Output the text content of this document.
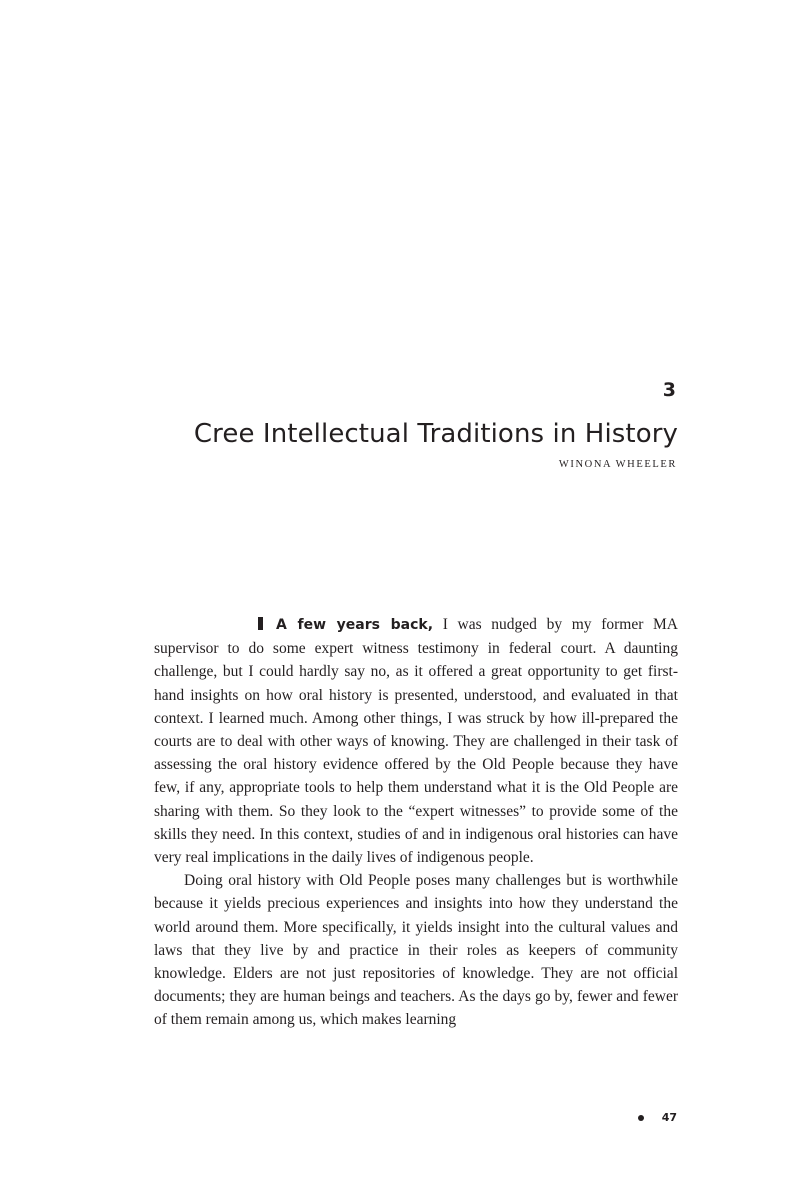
3
Cree Intellectual Traditions in History
WINONA WHEELER

A few years back, I was nudged by my former MA supervisor to do some expert witness testimony in federal court. A daunting challenge, but I could hardly say no, as it offered a great opportunity to get first-hand insights on how oral history is presented, understood, and evaluated in that context. I learned much. Among other things, I was struck by how ill-prepared the courts are to deal with other ways of knowing. They are challenged in their task of assessing the oral history evidence offered by the Old People because they have few, if any, appropriate tools to help them understand what it is the Old People are sharing with them. So they look to the “expert witnesses” to provide some of the skills they need. In this context, studies of and in indigenous oral histories can have very real implications in the daily lives of indigenous people.

Doing oral history with Old People poses many challenges but is worthwhile because it yields precious experiences and insights into how they understand the world around them. More specifically, it yields insight into the cultural values and laws that they live by and practice in their roles as keepers of community knowledge. Elders are not just repositories of knowledge. They are not official documents; they are human beings and teachers. As the days go by, fewer and fewer of them remain among us, which makes learning

47
